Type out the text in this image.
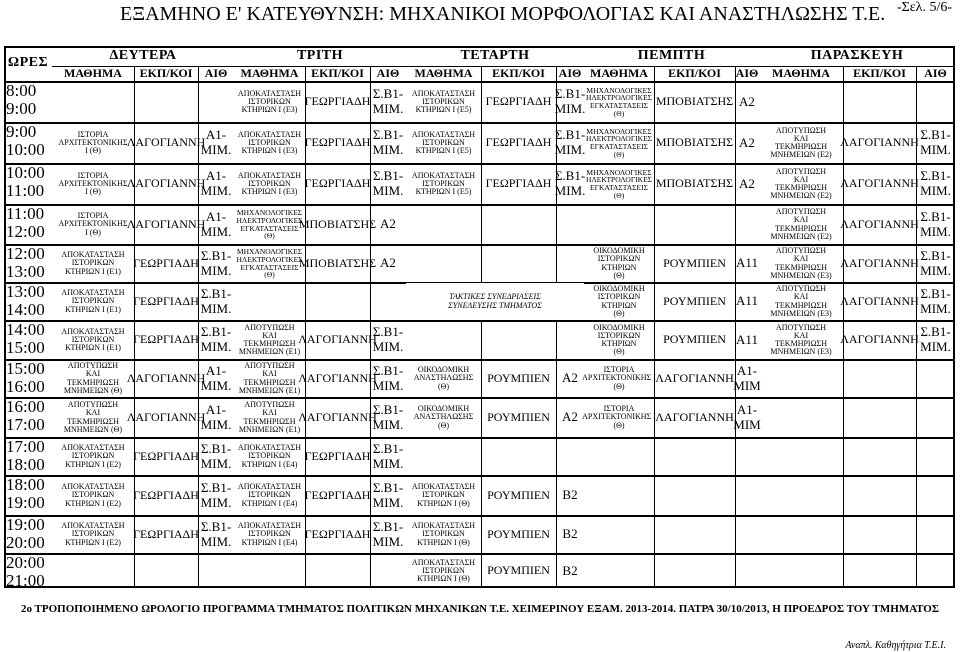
ΕΞΑΜΗΝΟ Ε' ΚΑΤΕΥΘΥΝΣΗ: ΜΗΧΑΝΙΚΟΙ ΜΟΡΦΟΛΟΓΙΑΣ ΚΑΙ ΑΝΑΣΤΗΛΩΣΗΣ Τ.Ε. -Σελ. 5/6-
ΩΡΕΣ	ΔΕΥΤΕΡΑ
ΜΑΘΗΜΑ ΕΚΠ/ΚΟΙ ΑΙΘ
ΤΡΙΤΗ
ΜΑΘΗΜΑ ΕΚΠ/ΚΟΙ ΑΙΘ
ΤΕΤΑΡΤΗ
ΜΑΘΗΜΑ ΕΚΠ/ΚΟΙ ΑΙΘ
ΠΕΜΠΤΗ
ΜΑΘΗΜΑ ΕΚΠ/ΚΟΙ ΑΙΘ
ΠΑΡΑΣΚΕΥΗ
ΜΑΘΗΜΑ ΕΚΠ/ΚΟΙ ΑΙΘ
8:00
9:00
9:00
10:00
10:00
11:00
11:00
12:00
12:00
13:00
13:00
14:00
14:00
15:00
15:00
16:00
16:00
17:00
17:00
18:00
18:00
19:00
19:00
20:00
20:00
21:00
ΙΣΤΟΡΙΑ
ΑΡΧΙΤΕΚΤΟΝΙΚΗΣ
Ι (Θ)
ΛΑΓΟΓΙΑΝΝΗ
Α1-
ΜΙΜ.
ΙΣΤΟΡΙΑ
ΑΡΧΙΤΕΚΤΟΝΙΚΗΣ
Ι (Θ)
ΛΑΓΟΓΙΑΝΝΗ
Α1-
ΜΙΜ.
ΙΣΤΟΡΙΑ
ΑΡΧΙΤΕΚΤΟΝΙΚΗΣ
Ι (Θ)
ΛΑΓΟΓΙΑΝΝΗ
Α1-
ΜΙΜ.
ΑΠΟΚΑΤΑΣΤΑΣΗ
ΙΣΤΟΡΙΚΩΝ
ΚΤΗΡΙΩΝ Ι (Ε1)
ΓΕΩΡΓΙΑΔΗ
Σ.Β1-
ΜΙΜ.
ΑΠΟΚΑΤΑΣΤΑΣΗ
ΙΣΤΟΡΙΚΩΝ
ΚΤΗΡΙΩΝ Ι (Ε1)
ΓΕΩΡΓΙΑΔΗ
Σ.Β1-
ΜΙΜ.
ΑΠΟΚΑΤΑΣΤΑΣΗ
ΙΣΤΟΡΙΚΩΝ
ΚΤΗΡΙΩΝ Ι (Ε1)
ΓΕΩΡΓΙΑΔΗ
Σ.Β1-
ΜΙΜ.
ΑΠΟΤΥΠΩΣΗ
ΚΑΙ
ΤΕΚΜΗΡΙΩΣΗ
ΜΝΗΜΕΙΩΝ (Θ)
ΛΑΓΟΓΙΑΝΝΗ
Α1-
ΜΙΜ.
ΑΠΟΤΥΠΩΣΗ
ΚΑΙ
ΤΕΚΜΗΡΙΩΣΗ
ΜΝΗΜΕΙΩΝ (Θ)
ΛΑΓΟΓΙΑΝΝΗ
Α1-
ΜΙΜ.
ΑΠΟΚΑΤΑΣΤΑΣΗ
ΙΣΤΟΡΙΚΩΝ
ΚΤΗΡΙΩΝ Ι (Ε2)
ΓΕΩΡΓΙΑΔΗ
Σ.Β1-
ΜΙΜ.
ΑΠΟΚΑΤΑΣΤΑΣΗ
ΙΣΤΟΡΙΚΩΝ
ΚΤΗΡΙΩΝ Ι (Ε2)
ΓΕΩΡΓΙΑΔΗ
Σ.Β1-
ΜΙΜ.
ΑΠΟΚΑΤΑΣΤΑΣΗ
ΙΣΤΟΡΙΚΩΝ
ΚΤΗΡΙΩΝ Ι (Ε2)
ΓΕΩΡΓΙΑΔΗ
Σ.Β1-
ΜΙΜ.
ΑΠΟΚΑΤΑΣΤΑΣΗ
ΙΣΤΟΡΙΚΩΝ
ΚΤΗΡΙΩΝ Ι (Ε3)
ΓΕΩΡΓΙΑΔΗ
Σ.Β1-
ΜΙΜ.
ΑΠΟΚΑΤΑΣΤΑΣΗ
ΙΣΤΟΡΙΚΩΝ
ΚΤΗΡΙΩΝ Ι (Ε3)
ΓΕΩΡΓΙΑΔΗ
Σ.Β1-
ΜΙΜ.
ΑΠΟΚΑΤΑΣΤΑΣΗ
ΙΣΤΟΡΙΚΩΝ
ΚΤΗΡΙΩΝ Ι (Ε3)
ΓΕΩΡΓΙΑΔΗ
Σ.Β1-
ΜΙΜ.
ΜΗΧΑΝΟΛΟΓΙΚΕΣ
ΗΛΕΚΤΡΟΛΟΓΙΚΕΣ
ΕΓΚΑΤΑΣΤΑΣΕΙΣ
(Θ)
ΜΠΟΒΙΑΤΣΗΣ Α2
ΜΗΧΑΝΟΛΟΓΙΚΕΣ
ΗΛΕΚΤΡΟΛΟΓΙΚΕΣ
ΕΓΚΑΤΑΣΤΑΣΕΙΣ
(Θ)
ΜΠΟΒΙΑΤΣΗΣ Α2
ΑΠΟΤΥΠΩΣΗ
ΚΑΙ
ΤΕΚΜΗΡΙΩΣΗ
ΜΝΗΜΕΙΩΝ (Ε1)
ΛΑΓΟΓΙΑΝΝΗ
Σ.Β1-
ΜΙΜ.
ΑΠΟΤΥΠΩΣΗ
ΚΑΙ
ΤΕΚΜΗΡΙΩΣΗ
ΜΝΗΜΕΙΩΝ (Ε1)
ΛΑΓΟΓΙΑΝΝΗ
Σ.Β1-
ΜΙΜ.
ΑΠΟΤΥΠΩΣΗ
ΚΑΙ
ΤΕΚΜΗΡΙΩΣΗ
ΜΝΗΜΕΙΩΝ (Ε1)
ΛΑΓΟΓΙΑΝΝΗ
Σ.Β1-
ΜΙΜ.
ΑΠΟΚΑΤΑΣΤΑΣΗ
ΙΣΤΟΡΙΚΩΝ
ΚΤΗΡΙΩΝ Ι (Ε4)
ΓΕΩΡΓΙΑΔΗ
Σ.Β1-
ΜΙΜ.
ΑΠΟΚΑΤΑΣΤΑΣΗ
ΙΣΤΟΡΙΚΩΝ
ΚΤΗΡΙΩΝ Ι (Ε4)
ΓΕΩΡΓΙΑΔΗ
Σ.Β1-
ΜΙΜ.
ΑΠΟΚΑΤΑΣΤΑΣΗ
ΙΣΤΟΡΙΚΩΝ
ΚΤΗΡΙΩΝ Ι (Ε4)
ΓΕΩΡΓΙΑΔΗ
Σ.Β1-
ΜΙΜ.
ΑΠΟΚΑΤΑΣΤΑΣΗ
ΙΣΤΟΡΙΚΩΝ
ΚΤΗΡΙΩΝ Ι (Ε5)
ΓΕΩΡΓΙΑΔΗ
Σ.Β1-
ΜΙΜ.
ΑΠΟΚΑΤΑΣΤΑΣΗ
ΙΣΤΟΡΙΚΩΝ
ΚΤΗΡΙΩΝ Ι (Ε5)
ΓΕΩΡΓΙΑΔΗ
Σ.Β1-
ΜΙΜ.
ΑΠΟΚΑΤΑΣΤΑΣΗ
ΙΣΤΟΡΙΚΩΝ
ΚΤΗΡΙΩΝ Ι (Ε5)
ΓΕΩΡΓΙΑΔΗ
Σ.Β1-
ΜΙΜ.
ΟΙΚΟΔΟΜΙΚΗ
ΑΝΑΣΤΗΛΩΣΗΣ
(Θ)
ΡΟΥΜΠΙΕΝ Α2
ΟΙΚΟΔΟΜΙΚΗ
ΑΝΑΣΤΗΛΩΣΗΣ
(Θ)
ΡΟΥΜΠΙΕΝ Α2
ΑΠΟΚΑΤΑΣΤΑΣΗ
ΙΣΤΟΡΙΚΩΝ
ΚΤΗΡΙΩΝ Ι (Θ)
ΡΟΥΜΠΙΕΝ Β2
ΑΠΟΚΑΤΑΣΤΑΣΗ
ΙΣΤΟΡΙΚΩΝ
ΚΤΗΡΙΩΝ Ι (Θ)
ΡΟΥΜΠΙΕΝ Β2
ΑΠΟΚΑΤΑΣΤΑΣΗ
ΙΣΤΟΡΙΚΩΝ
ΚΤΗΡΙΩΝ Ι (Θ)
ΡΟΥΜΠΙΕΝ Β2
ΜΗΧΑΝΟΛΟΓΙΚΕΣ
ΗΛΕΚΤΡΟΛΟΓΙΚΕΣ
ΕΓΚΑΤΑΣΤΑΣΕΙΣ
(Θ)
ΜΠΟΒΙΑΤΣΗΣ Α2
ΜΗΧΑΝΟΛΟΓΙΚΕΣ
ΗΛΕΚΤΡΟΛΟΓΙΚΕΣ
ΕΓΚΑΤΑΣΤΑΣΕΙΣ
(Θ)
ΜΠΟΒΙΑΤΣΗΣ Α2
ΜΗΧΑΝΟΛΟΓΙΚΕΣ
ΗΛΕΚΤΡΟΛΟΓΙΚΕΣ
ΕΓΚΑΤΑΣΤΑΣΕΙΣ
(Θ)
ΜΠΟΒΙΑΤΣΗΣ Α2
ΟΙΚΟΔΟΜΙΚΗ
ΙΣΤΟΡΙΚΩΝ
ΚΤΗΡΙΩΝ
(Θ)
ΡΟΥΜΠΙΕΝ Α11
ΟΙΚΟΔΟΜΙΚΗ
ΙΣΤΟΡΙΚΩΝ
ΚΤΗΡΙΩΝ
(Θ)
ΡΟΥΜΠΙΕΝ Α11
ΟΙΚΟΔΟΜΙΚΗ
ΙΣΤΟΡΙΚΩΝ
ΚΤΗΡΙΩΝ
(Θ)
ΡΟΥΜΠΙΕΝ Α11
ΙΣΤΟΡΙΑ
ΑΡΧΙΤΕΚΤΟΝΙΚΗΣ Ι
(Θ)
ΛΑΓΟΓΙΑΝΝΗ
Α1-
ΜΙΜ
ΙΣΤΟΡΙΑ
ΑΡΧΙΤΕΚΤΟΝΙΚΗΣ Ι
(Θ)
ΛΑΓΟΓΙΑΝΝΗ
Α1-
ΜΙΜ
ΑΠΟΤΥΠΩΣΗ
ΚΑΙ
ΤΕΚΜΗΡΙΩΣΗ
ΜΝΗΜΕΙΩΝ (Ε2)
ΛΑΓΟΓΙΑΝΝΗ
Σ.Β1-
ΜΙΜ.
ΑΠΟΤΥΠΩΣΗ
ΚΑΙ
ΤΕΚΜΗΡΙΩΣΗ
ΜΝΗΜΕΙΩΝ (Ε2)
ΛΑΓΟΓΙΑΝΝΗ
Σ.Β1-
ΜΙΜ.
ΑΠΟΤΥΠΩΣΗ
ΚΑΙ
ΤΕΚΜΗΡΙΩΣΗ
ΜΝΗΜΕΙΩΝ (Ε2)
ΛΑΓΟΓΙΑΝΝΗ
Σ.Β1-
ΜΙΜ.
ΑΠΟΤΥΠΩΣΗ
ΚΑΙ
ΤΕΚΜΗΡΙΩΣΗ
ΜΝΗΜΕΙΩΝ (Ε3)
ΛΑΓΟΓΙΑΝΝΗ
Σ.Β1-
ΜΙΜ.
ΑΠΟΤΥΠΩΣΗ
ΚΑΙ
ΤΕΚΜΗΡΙΩΣΗ
ΜΝΗΜΕΙΩΝ (Ε3)
ΛΑΓΟΓΙΑΝΝΗ
Σ.Β1-
ΜΙΜ.
ΑΠΟΤΥΠΩΣΗ
ΚΑΙ
ΤΕΚΜΗΡΙΩΣΗ
ΜΝΗΜΕΙΩΝ (Ε3)
ΛΑΓΟΓΙΑΝΝΗ
Σ.Β1-
ΜΙΜ.
ΤΑΚΤΙΚΕΣ ΣΥΝΕΔΡΙΑΣΕΙΣ
ΣΥΝΕΛΕΥΣΗΣ ΤΜΗΜΑΤΟΣ
2ο ΤΡΟΠΟΠΟΙΗΜΕΝΟ ΩΡΟΛΟΓΙΟ ΠΡΟΓΡΑΜΜΑ ΤΜΗΜΑΤΟΣ ΠΟΛΙΤΙΚΩΝ ΜΗΧΑΝΙΚΩΝ Τ.Ε. ΧΕΙΜΕΡΙΝΟΥ ΕΞΑΜ. 2013-2014. ΠΑΤΡΑ 30/10/2013, Η ΠΡΟΕΔΡΟΣ ΤΟΥ ΤΜΗΜΑΤΟΣ
Αναπλ. Καθηγήτρια Τ.Ε.Ι.
